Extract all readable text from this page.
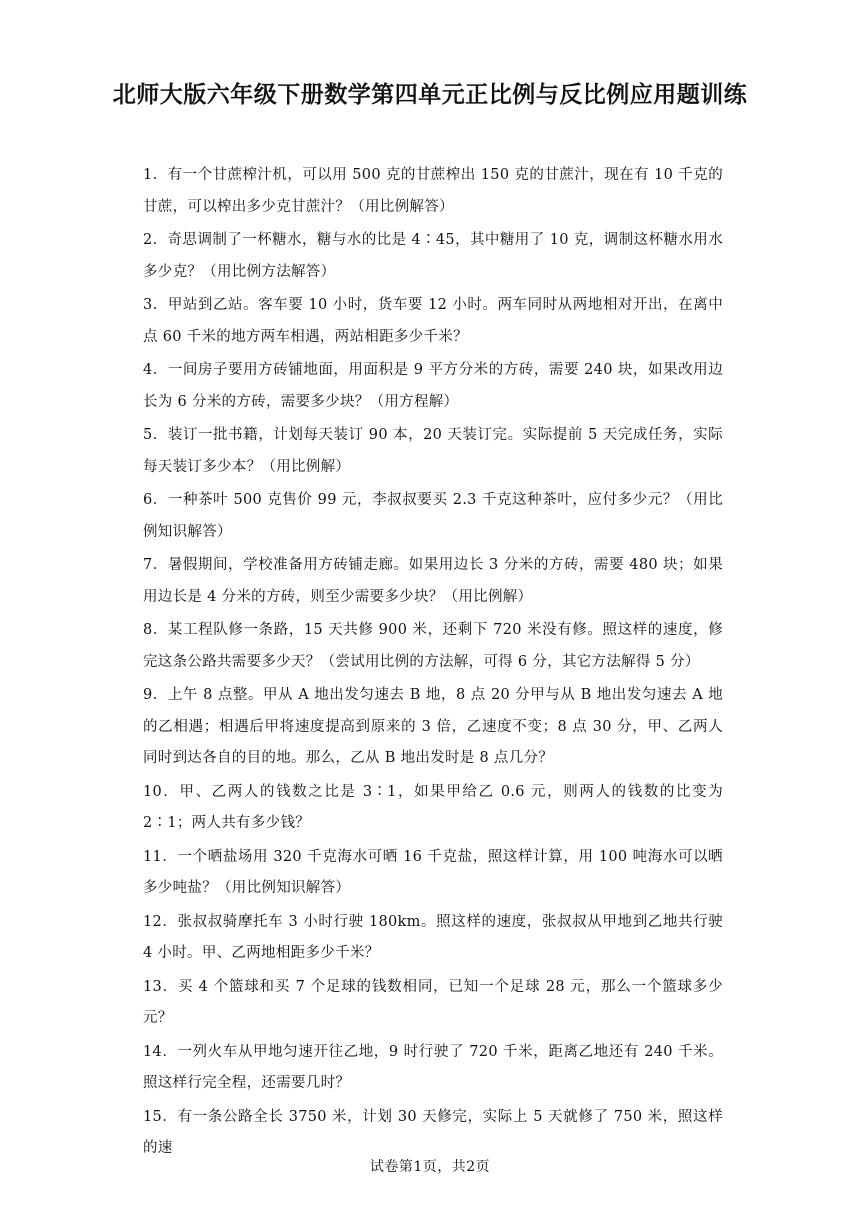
北师大版六年级下册数学第四单元正比例与反比例应用题训练

1．有一个甘蔗榨汁机，可以用 500 克的甘蔗榨出 150 克的甘蔗汁，现在有 10 千克的甘蔗，可以榨出多少克甘蔗汁？（用比例解答）

2．奇思调制了一杯糖水，糖与水的比是 4∶45，其中糖用了 10 克，调制这杯糖水用水多少克？（用比例方法解答）

3．甲站到乙站。客车要 10 小时，货车要 12 小时。两车同时从两地相对开出，在离中点 60 千米的地方两车相遇，两站相距多少千米？

4．一间房子要用方砖铺地面，用面积是 9 平方分米的方砖，需要 240 块，如果改用边长为 6 分米的方砖，需要多少块？（用方程解）

5．装订一批书籍，计划每天装订 90 本，20 天装订完。实际提前 5 天完成任务，实际每天装订多少本？（用比例解）

6．一种茶叶 500 克售价 99 元，李叔叔要买 2.3 千克这种茶叶，应付多少元？（用比例知识解答）

7．暑假期间，学校准备用方砖铺走廊。如果用边长 3 分米的方砖，需要 480 块；如果用边长是 4 分米的方砖，则至少需要多少块？（用比例解）

8．某工程队修一条路，15 天共修 900 米，还剩下 720 米没有修。照这样的速度，修完这条公路共需要多少天？（尝试用比例的方法解，可得 6 分，其它方法解得 5 分）

9．上午 8 点整。甲从 A 地出发匀速去 B 地，8 点 20 分甲与从 B 地出发匀速去 A 地的乙相遇；相遇后甲将速度提高到原来的 3 倍，乙速度不变；8 点 30 分，甲、乙两人同时到达各自的目的地。那么，乙从 B 地出发时是 8 点几分？

10．甲、乙两人的钱数之比是 3∶1，如果甲给乙 0.6 元，则两人的钱数的比变为 2∶1；两人共有多少钱？

11．一个晒盐场用 320 千克海水可晒 16 千克盐，照这样计算，用 100 吨海水可以晒多少吨盐？（用比例知识解答）

12．张叔叔骑摩托车 3 小时行驶 180km。照这样的速度，张叔叔从甲地到乙地共行驶 4 小时。甲、乙两地相距多少千米？

13．买 4 个篮球和买 7 个足球的钱数相同，已知一个足球 28 元，那么一个篮球多少元？

14．一列火车从甲地匀速开往乙地，9 时行驶了 720 千米，距离乙地还有 240 千米。照这样行完全程，还需要几时？

15．有一条公路全长 3750 米，计划 30 天修完，实际上 5 天就修了 750 米，照这样的速

试卷第1页，共2页
